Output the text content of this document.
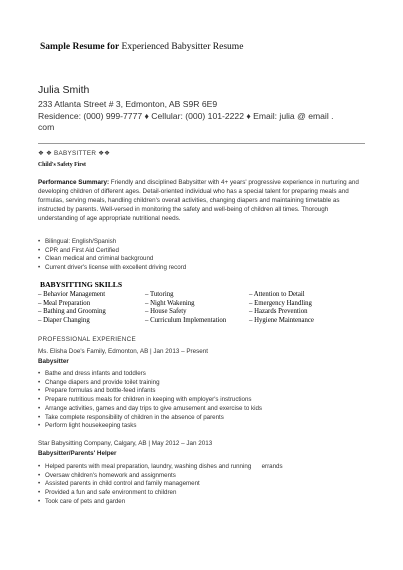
Sample Resume for Experienced Babysitter Resume
Julia Smith
233 Atlanta Street # 3, Edmonton, AB S9R 6E9
Residence: (000) 999-7777 ♦ Cellular: (000) 101-2222 ♦ Email: julia @ email .
com
❖ ❖ BABYSITTER ❖❖
Child's Safety First
Performance Summary: Friendly and disciplined Babysitter with 4+ years' progressive experience in nurturing and developing children of different ages. Detail-oriented individual who has a special talent for preparing meals and formulas, serving meals, handling children's overall activities, changing diapers and maintaining timetable as instructed by parents. Well-versed in monitoring the safety and well-being of children all times. Thorough understanding of age appropriate nutritional needs.
• Bilingual: English/Spanish
• CPR and First Aid Certified
• Clean medical and criminal background
• Current driver's license with excellent driving record
BABYSITTING SKILLS
– Behavior Management
– Meal Preparation
– Bathing and Grooming
– Diaper Changing
– Tutoring
– Night Wakening
– House Safety
– Curriculum Implementation
– Attention to Detail
– Emergency Handling
– Hazards Prevention
– Hygiene Maintenance
PROFESSIONAL EXPERIENCE
Ms. Elisha Doe's Family, Edmonton, AB | Jan 2013 – Present
Babysitter
• Bathe and dress infants and toddlers
• Change diapers and provide toilet training
• Prepare formulas and bottle-feed infants
• Prepare nutritious meals for children in keeping with employer's instructions
• Arrange activities, games and day trips to give amusement and exercise to kids
• Take complete responsibility of children in the absence of parents
• Perform light housekeeping tasks
Star Babysitting Company, Calgary, AB | May 2012 – Jan 2013
Babysitter/Parents' Helper
• Helped parents with meal preparation, laundry, washing dishes and running      errands
• Oversaw children's homework and assignments
• Assisted parents in child control and family management
• Provided a fun and safe environment to children
• Took care of pets and garden
